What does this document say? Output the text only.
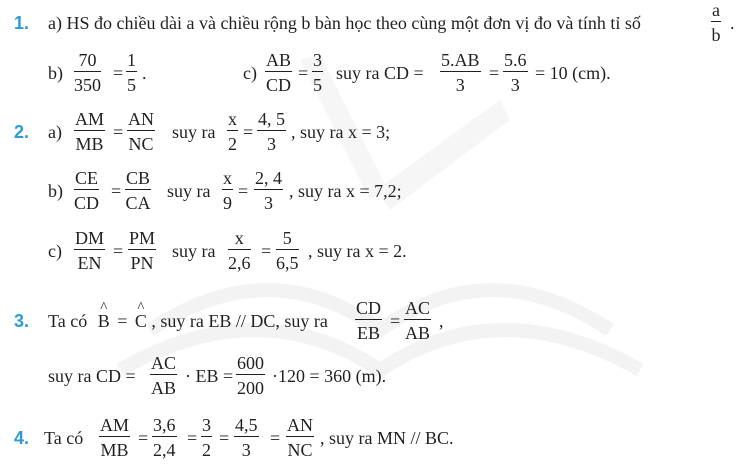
1. a) HS đo chiều dài a và chiều rộng b bàn học theo cùng một đơn vị đo và tính tỉ số	$\frac{a}{b}$ .
$b) \frac{70}{350} = \frac{1}{5}$ .	$c) \frac{AB}{CD} = \frac{3}{5}$ suy ra CD = $\frac{5.AB}{3} = \frac{5.6}{3} = 10$ (cm).
2. $a) \frac{AM}{MB} = \frac{AN}{NC}$ suy ra $\frac{x}{2} = \frac{4, 5}{3}$ , suy ra x = 3;
$b) \frac{CE}{CD} = \frac{CB}{CA}$ suy ra $\frac{x}{9} = \frac{2, 4}{3}$ , suy ra x = 7,2;
$c) \frac{DM}{EN} = \frac{PM}{PN}$ suy ra $\frac{x}{2,6} = \frac{5}{6,5}$ , suy ra x = 2.
3. Ta có ^ B = ^ C , suy ra EB // DC, suy ra $\frac{CD}{EB} = \frac{AC}{AB}$ ,
suy ra CD = $\frac{AC}{AB}$ · EB = $\frac{600}{200} \cdot 120 = 360$ (m).
4. Ta có $\frac{AM}{MB} = \frac{3,6}{2,4} = \frac{3}{2} = \frac{4,5}{3} = \frac{AN}{NC}$ , suy ra MN // BC.
